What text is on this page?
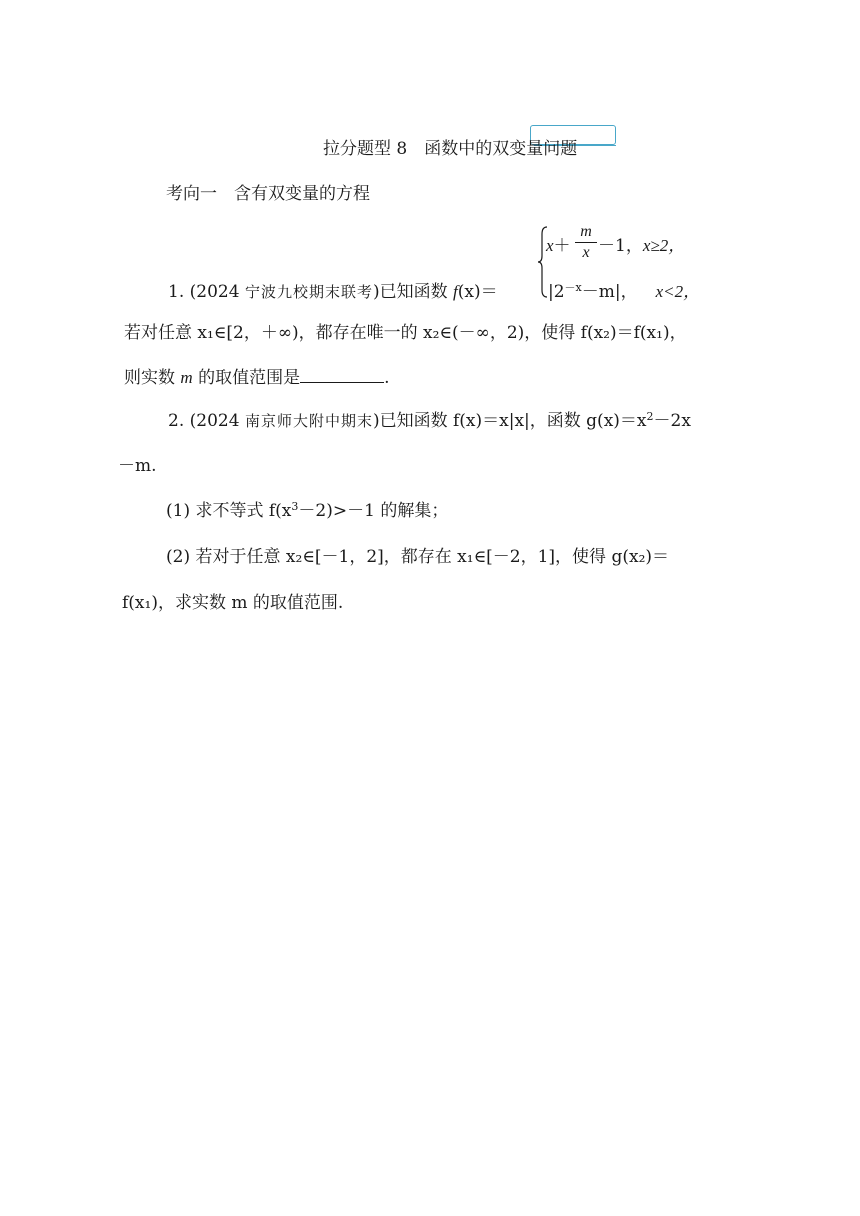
拉分题型 8　函数中的双变量问题
考向一　含有双变量的方程
1. (2024 宁波九校期末联考)已知函数 f(x)＝
x＋
m
x －1，x≥2，
$|2^{-x}-m|$， x<2，
若对任意 x₁∈[2，＋∞)，都存在唯一的 x₂∈(－∞，2)，使得 f(x₂)＝f(x₁)，
则实数 m 的取值范围是	.
2. (2024 南京师大附中期末)已知函数 f(x)＝x|x|，函数 $g(x)=x^2-2x$
－m.
(1) 求不等式 $f(x^3-2)>-1$ 的解集；
(2) 若对于任意 x₂∈[－1，2]，都存在 x₁∈[－2，1]，使得 g(x₂)＝
f(x₁)，求实数 m 的取值范围.
